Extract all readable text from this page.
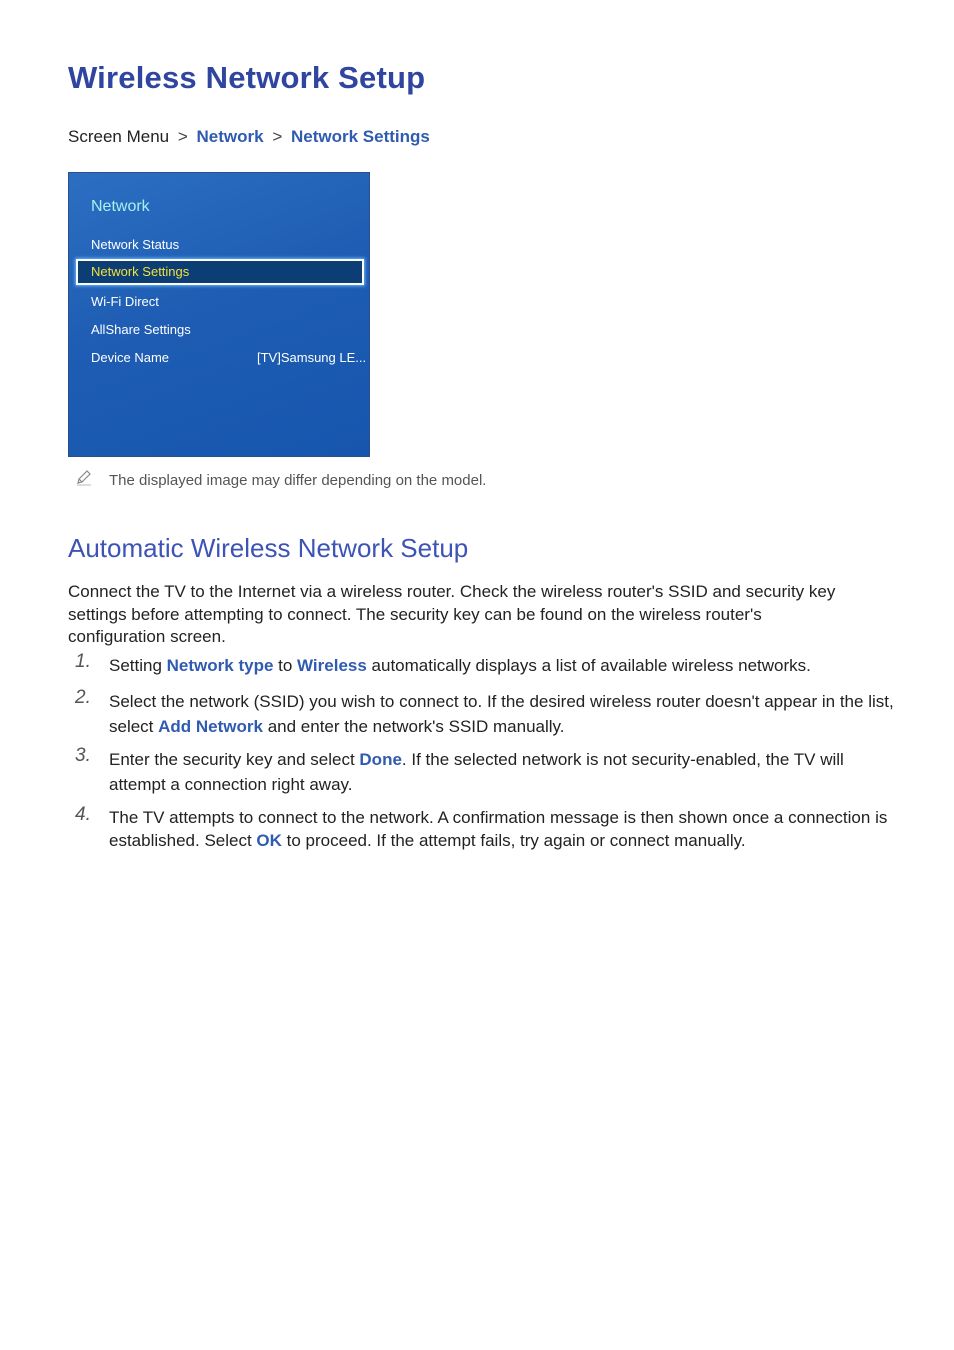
Wireless Network Setup
Screen Menu > Network > Network Settings
Network
Network Status
Network Settings
Wi-Fi Direct
AllShare Settings
Device Name	[TV]Samsung LE...
The displayed image may differ depending on the model.
Automatic Wireless Network Setup

Connect the TV to the Internet via a wireless router. Check the wireless router's SSID and security key settings before attempting to connect. The security key can be found on the wireless router's configuration screen.

1. Setting Network type to Wireless automatically displays a list of available wireless networks.
2. Select the network (SSID) you wish to connect to. If the desired wireless router doesn't appear in the list, select Add Network and enter the network's SSID manually.
3. Enter the security key and select Done. If the selected network is not security-enabled, the TV will attempt a connection right away.
4. The TV attempts to connect to the network. A confirmation message is then shown once a connection is established. Select OK to proceed. If the attempt fails, try again or connect manually.
